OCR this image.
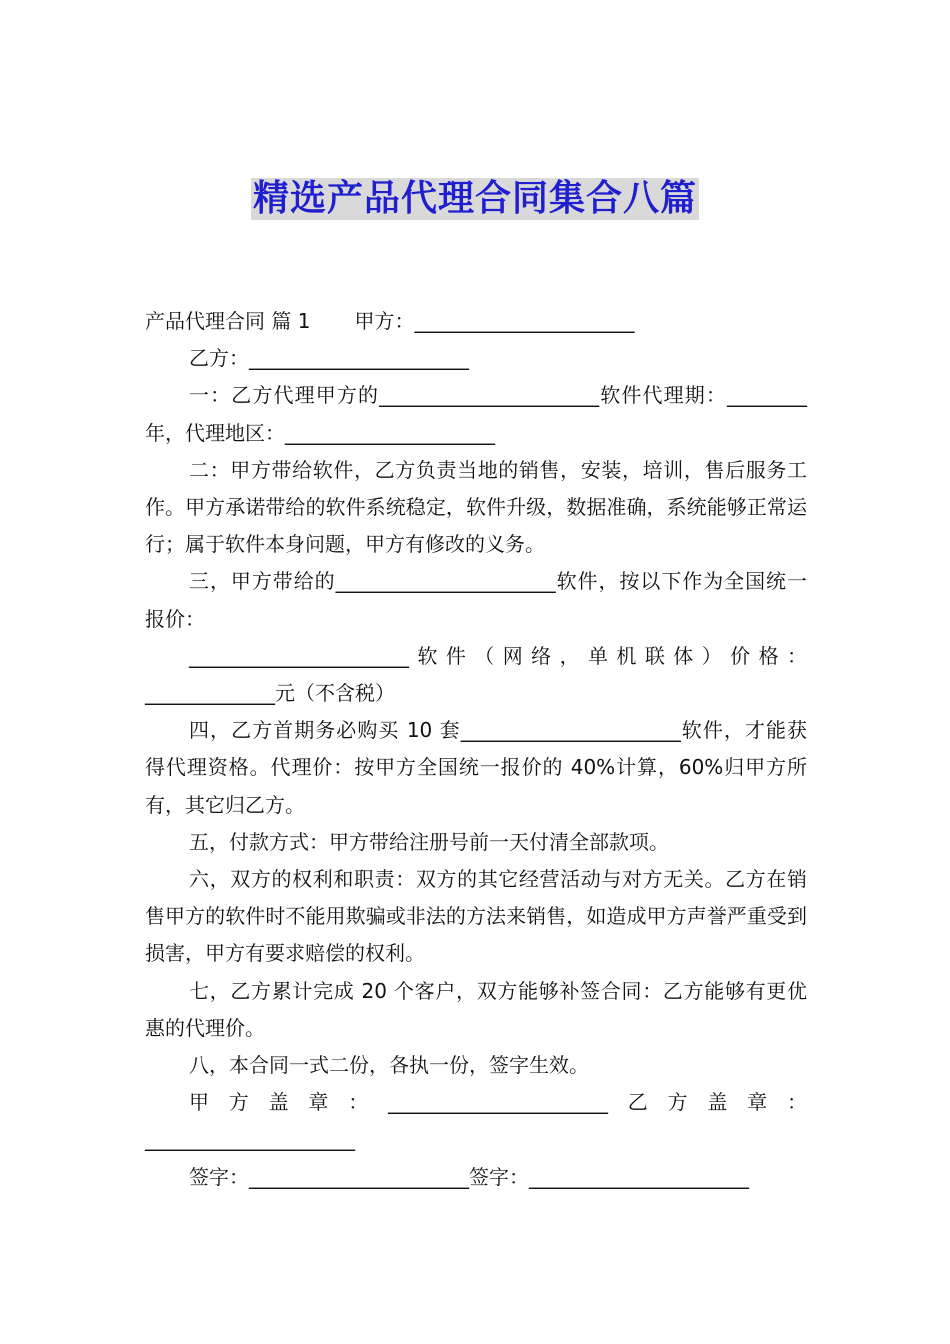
精选产品代理合同集合八篇

产品代理合同 篇 1 甲方：______________________

乙方：______________________

一：乙方代理甲方的______________________软件代理期：________年，代理地区：_____________________

二：甲方带给软件，乙方负责当地的销售，安装，培训，售后服务工作。甲方承诺带给的软件系统稳定，软件升级，数据准确，系统能够正常运行；属于软件本身问题，甲方有修改的义务。

三，甲方带给的______________________软件，按以下作为全国统一报价：

______________________软件（网络，单机联体）价格：_____________元（不含税）

四，乙方首期务必购买 10 套______________________软件，才能获得代理资格。代理价：按甲方全国统一报价的 40%计算，60%归甲方所有，其它归乙方。

五，付款方式：甲方带给注册号前一天付清全部款项。

六，双方的权利和职责：双方的其它经营活动与对方无关。乙方在销售甲方的软件时不能用欺骗或非法的方法来销售，如造成甲方声誉严重受到损害，甲方有要求赔偿的权利。

七，乙方累计完成 20 个客户，双方能够补签合同：乙方能够有更优惠的代理价。

八，本合同一式二份，各执一份，签字生效。

甲方盖章：______________________乙方盖章：_____________________

签字：______________________签字：______________________
